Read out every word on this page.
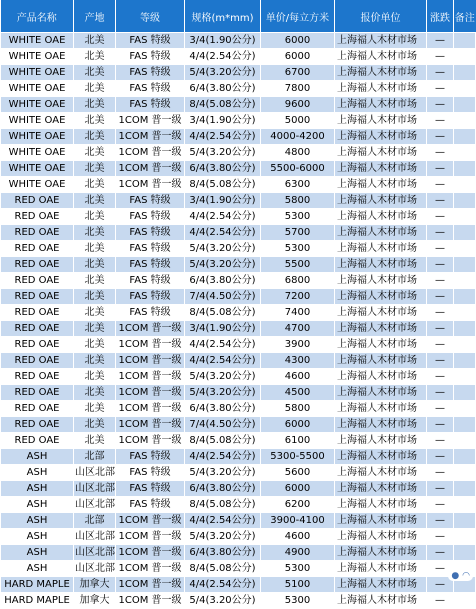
产品名称	产地	等级	规格(m*mm)	单价/每立方米	报价单位	涨跌	备注
WHITE OAE	北美	FAS 特级	3/4(1.90公分)	6000	上海福人木材市场	—	
WHITE OAE	北美	FAS 特级	4/4(2.54公分)	6000	上海福人木材市场	—	
WHITE OAE	北美	FAS 特级	5/4(3.20公分)	6700	上海福人木材市场	—	
WHITE OAE	北美	FAS 特级	6/4(3.80公分)	7800	上海福人木材市场	—	
WHITE OAE	北美	FAS 特级	8/4(5.08公分)	9600	上海福人木材市场	—	
WHITE OAE	北美	1COM 普一级	3/4(1.90公分)	5000	上海福人木材市场	—	
WHITE OAE	北美	1COM 普一级	4/4(2.54公分)	4000-4200	上海福人木材市场	—	
WHITE OAE	北美	1COM 普一级	5/4(3.20公分)	4800	上海福人木材市场	—	
WHITE OAE	北美	1COM 普一级	6/4(3.80公分)	5500-6000	上海福人木材市场	—	
WHITE OAE	北美	1COM 普一级	8/4(5.08公分)	6300	上海福人木材市场	—	
RED OAE	北美	FAS 特级	3/4(1.90公分)	5800	上海福人木材市场	—	
RED OAE	北美	FAS 特级	4/4(2.54公分)	5300	上海福人木材市场	—	
RED OAE	北美	FAS 特级	4/4(2.54公分)	5700	上海福人木材市场	—	
RED OAE	北美	FAS 特级	5/4(3.20公分)	5300	上海福人木材市场	—	
RED OAE	北美	FAS 特级	5/4(3.20公分)	5500	上海福人木材市场	—	
RED OAE	北美	FAS 特级	6/4(3.80公分)	6800	上海福人木材市场	—	
RED OAE	北美	FAS 特级	7/4(4.50公分)	7200	上海福人木材市场	—	
RED OAE	北美	FAS 特级	8/4(5.08公分)	7400	上海福人木材市场	—	
RED OAE	北美	1COM 普一级	3/4(1.90公分)	4700	上海福人木材市场	—	
RED OAE	北美	1COM 普一级	4/4(2.54公分)	3900	上海福人木材市场	—	
RED OAE	北美	1COM 普一级	4/4(2.54公分)	4300	上海福人木材市场	—	
RED OAE	北美	1COM 普一级	5/4(3.20公分)	4600	上海福人木材市场	—	
RED OAE	北美	1COM 普一级	5/4(3.20公分)	4500	上海福人木材市场	—	
RED OAE	北美	1COM 普一级	6/4(3.80公分)	5800	上海福人木材市场	—	
RED OAE	北美	1COM 普一级	7/4(4.50公分)	6000	上海福人木材市场	—	
RED OAE	北美	1COM 普一级	8/4(5.08公分)	6100	上海福人木材市场	—	
ASH	北部	FAS 特级	4/4(2.54公分)	5300-5500	上海福人木材市场	—	
ASH	山区北部	FAS 特级	5/4(3.20公分)	5600	上海福人木材市场	—	
ASH	山区北部	FAS 特级	6/4(3.80公分)	6000	上海福人木材市场	—	
ASH	山区北部	FAS 特级	8/4(5.08公分)	6200	上海福人木材市场	—	
ASH	北部	1COM 普一级	4/4(2.54公分)	3900-4100	上海福人木材市场	—	
ASH	山区北部	1COM 普一级	5/4(3.20公分)	4600	上海福人木材市场	—	
ASH	山区北部	1COM 普一级	6/4(3.80公分)	4900	上海福人木材市场	—	
ASH	山区北部	1COM 普一级	8/4(5.08公分)	5300	上海福人木材市场	—	
HARD MAPLE	加拿大	1COM 普一级	4/4(2.54公分)	5100	上海福人木材市场	—	
HARD MAPLE	加拿大	1COM 普一级	5/4(3.20公分)	5300	上海福人木材市场	—	
● ◠
